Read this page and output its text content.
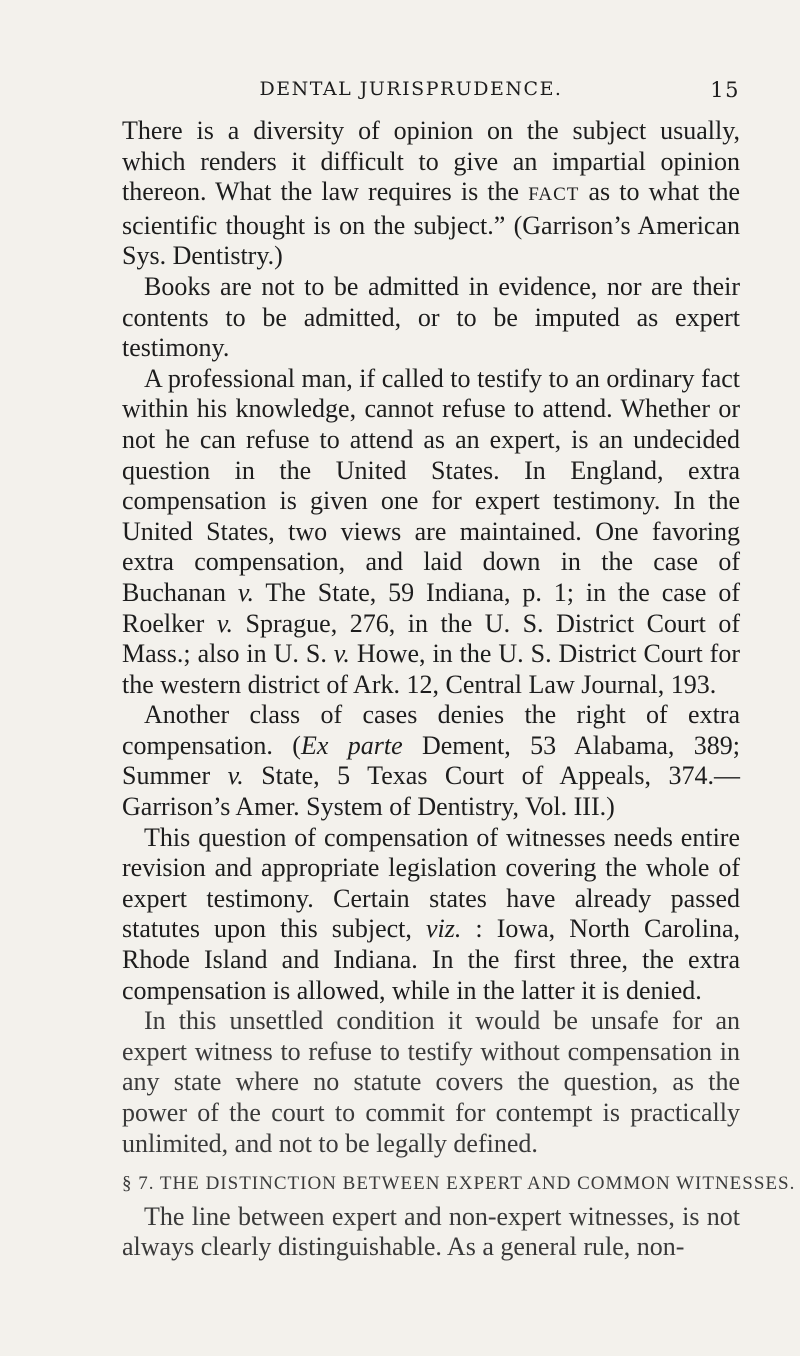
DENTAL JURISPRUDENCE.	15

There is a diversity of opinion on the subject usually, which renders it difficult to give an impartial opinion thereon. What the law requires is the FACT as to what the scientific thought is on the subject.” (Garrison’s American Sys. Dentistry.)

Books are not to be admitted in evidence, nor are their contents to be admitted, or to be imputed as expert testimony.

A professional man, if called to testify to an ordinary fact within his knowledge, cannot refuse to attend. Whether or not he can refuse to attend as an expert, is an undecided question in the United States. In England, extra compensation is given one for expert testimony. In the United States, two views are maintained. One favoring extra compensation, and laid down in the case of Buchanan v. The State, 59 Indiana, p. 1; in the case of Roelker v. Sprague, 276, in the U. S. District Court of Mass.; also in U. S. v. Howe, in the U. S. District Court for the western district of Ark. 12, Central Law Journal, 193.

Another class of cases denies the right of extra compensation. (Ex parte Dement, 53 Alabama, 389; Summer v. State, 5 Texas Court of Appeals, 374.—Garrison’s Amer. System of Dentistry, Vol. III.)

This question of compensation of witnesses needs entire revision and appropriate legislation covering the whole of expert testimony. Certain states have already passed statutes upon this subject, viz. : Iowa, North Carolina, Rhode Island and Indiana. In the first three, the extra compensation is allowed, while in the latter it is denied.

In this unsettled condition it would be unsafe for an expert witness to refuse to testify without compensation in any state where no statute covers the question, as the power of the court to commit for contempt is practically unlimited, and not to be legally defined.

§ 7. THE DISTINCTION BETWEEN EXPERT AND COMMON WITNESSES.

The line between expert and non-expert witnesses, is not always clearly distinguishable. As a general rule, non-
